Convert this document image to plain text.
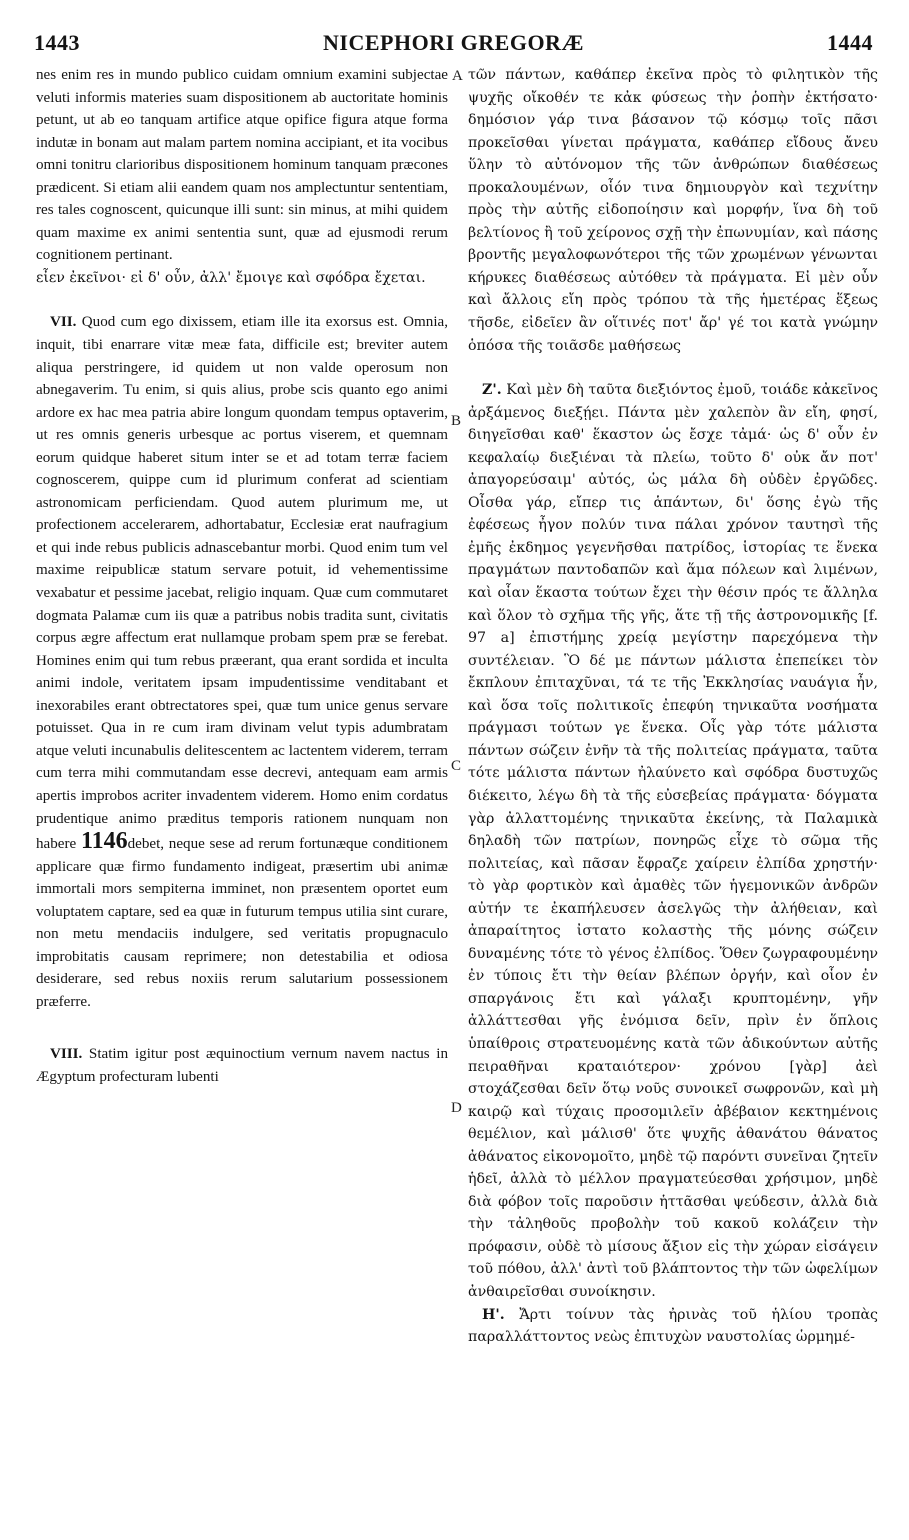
1443	NICEPHORI GREGORÆ	1444
A
B
C
D

nes enim res in mundo publico cuidam omnium examini subjectae veluti informis materies suam dispositionem ab auctoritate hominis petunt, ut ab eo tanquam artifice atque opifice figura atque forma indutæ in bonam aut malam partem nomina accipiant, et ita vocibus omni tonitru clarioribus dispositionem hominum tanquam præcones prædicent. Si etiam alii eandem quam nos amplectuntur sententiam, res tales cognoscent, quicunque illi sunt: sin minus, at mihi quidem quam maxime ex animi sententia sunt, quæ ad ejusmodi rerum cognitionem pertinant.

εἶεν ἐκεῖνοι· εἰ δ' οὖν, ἀλλ' ἔμοιγε καὶ σφόδρα ἔχεται.

VII. Quod cum ego dixissem, etiam ille ita exorsus est. Omnia, inquit, tibi enarrare vitæ meæ fata, difficile est; breviter autem aliqua perstringere, id quidem ut non valde operosum non abnegaverim. Tu enim, si quis alius, probe scis quanto ego animi ardore ex hac mea patria abire longum quondam tempus optaverim, ut res omnis generis urbesque ac portus viserem, et quemnam eorum quidque haberet situm inter se et ad totam terræ faciem cognoscerem, quippe cum id plurimum conferat ad scientiam astronomicam perficiendam. Quod autem plurimum me, ut profectionem accelerarem, adhortabatur, Ecclesiæ erat naufragium et qui inde rebus publicis adnascebantur morbi. Quod enim tum vel maxime reipublicæ statum servare potuit, id vehementissime vexabatur et pessime jacebat, religio inquam. Quæ cum commutaret dogmata Palamæ cum iis quæ a patribus nobis tradita sunt, civitatis corpus ægre affectum erat nullamque probam spem præ se ferebat. Homines enim qui tum rebus præerant, qua erant sordida et inculta animi indole, veritatem ipsam impudentissime venditabant et inexorabiles erant obtrectatores spei, quæ tum unice genus servare potuisset. Qua in re cum iram divinam velut typis adumbratam atque veluti incunabulis delitescentem ac lactentem viderem, terram cum terra mihi commutandam esse decrevi, antequam eam armis apertis improbos acriter invadentem viderem. Homo enim cordatus prudentique animo præditus temporis rationem nunquam non habere 1146debet, neque sese ad rerum fortunæque conditionem applicare quæ firmo fundamento indigeat, præsertim ubi animæ immortali mors sempiterna imminet, non præsentem oportet eum voluptatem captare, sed ea quæ in futurum tempus utilia sint curare, non metu mendaciis indulgere, sed veritatis propugnaculo improbitatis causam reprimere; non detestabilia et odiosa desiderare, sed rebus noxiis rerum salutarium possessionem præferre.

VIII. Statim igitur post æquinoctium vernum navem nactus in Ægyptum profecturam lubenti

τῶν πάντων, καθάπερ ἐκεῖνα πρὸς τὸ φιλητικὸν τῆς ψυχῆς οἴκοθέν τε κἀκ φύσεως τὴν ῥοπὴν ἐκτήσατο· δημόσιον γάρ τινα βάσανον τῷ κόσμῳ τοῖς πᾶσι προκεῖσθαι γίνεται πράγματα, καθάπερ εἴδους ἄνευ ὕλην τὸ αὐτόνομον τῆς τῶν ἀνθρώπων διαθέσεως προκαλουμένων, οἷόν τινα δημιουργὸν καὶ τεχνίτην πρὸς τὴν αὐτῆς εἰδοποίησιν καὶ μορφήν, ἵνα δὴ τοῦ βελτίονος ἢ τοῦ χείρονος σχῇ τὴν ἐπωνυμίαν, καὶ πάσης βροντῆς μεγαλοφωνότεροι τῆς τῶν χρωμένων γένωνται κήρυκες διαθέσεως αὐτόθεν τὰ πράγματα. Εἰ μὲν οὖν καὶ ἄλλοις εἴη πρὸς τρόπου τὰ τῆς ἡμετέρας ἕξεως τῆσδε, εἰδεῖεν ἂν οἵτινές ποτ' ἄρ' γέ τοι κατὰ γνώμην ὁπόσα τῆς τοιᾶσδε μαθήσεως

Ζ'. Καὶ μὲν δὴ ταῦτα διεξιόντος ἐμοῦ, τοιάδε κἀκεῖνος ἀρξάμενος διεξῄει. Πάντα μὲν χαλεπὸν ἂν εἴη, φησί, διηγεῖσθαι καθ' ἕκαστον ὡς ἔσχε τἀμά· ὡς δ' οὖν ἐν κεφαλαίῳ διεξιέναι τὰ πλείω, τοῦτο δ' οὐκ ἄν ποτ' ἀπαγορεύσαιμ' αὐτός, ὡς μάλα δὴ οὐδὲν ἐργῶδες. Οἶσθα γάρ, εἴπερ τις ἁπάντων, δι' ὅσης ἐγὼ τῆς ἐφέσεως ἦγον πολύν τινα πάλαι χρόνον ταυτησὶ τῆς ἐμῆς ἐκδημος γεγενῆσθαι πατρίδος, ἱστορίας τε ἕνεκα πραγμάτων παντοδαπῶν καὶ ἅμα πόλεων καὶ λιμένων, καὶ οἷαν ἕκαστα τούτων ἔχει τὴν θέσιν πρός τε ἄλληλα καὶ ὅλον τὸ σχῆμα τῆς γῆς, ἅτε τῇ τῆς ἀστρονομικῆς [f. 97 a] ἐπιστήμης χρείᾳ μεγίστην παρεχόμενα τὴν συντέλειαν. Ὃ δέ με πάντων μάλιστα ἐπεπείκει τὸν ἔκπλουν ἐπιταχῦναι, τά τε τῆς Ἐκκλησίας ναυάγια ἦν, καὶ ὅσα τοῖς πολιτικοῖς ἐπεφύη τηνικαῦτα νοσήματα πράγμασι τούτων γε ἕνεκα. Οἷς γὰρ τότε μάλιστα πάντων σώζειν ἐνῆν τὰ τῆς πολιτείας πράγματα, ταῦτα τότε μάλιστα πάντων ἠλαύνετο καὶ σφόδρα δυστυχῶς διέκειτο, λέγω δὴ τὰ τῆς εὐσεβείας πράγματα· δόγματα γὰρ ἀλλαττομένης τηνικαῦτα ἐκείνης, τὰ Παλαμικὰ δηλαδὴ τῶν πατρίων, πονηρῶς εἶχε τὸ σῶμα τῆς πολιτείας, καὶ πᾶσαν ἔφραζε χαίρειν ἐλπίδα χρηστήν· τὸ γὰρ φορτικὸν καὶ ἀμαθὲς τῶν ἡγεμονικῶν ἀνδρῶν αὐτήν τε ἐκαπήλευσεν ἀσελγῶς τὴν ἀλήθειαν, καὶ ἀπαραίτητος ἰστατο κολαστὴς τῆς μόνης σώζειν δυναμένης τότε τὸ γένος ἐλπίδος. Ὅθεν ζωγραφουμένην ἐν τύποις ἔτι τὴν θείαν βλέπων ὀργήν, καὶ οἷον ἐν σπαργάνοις ἔτι καὶ γάλαξι κρυπτομένην, γῆν ἀλλάττεσθαι γῆς ἐνόμισα δεῖν, πρὶν ἐν ὅπλοις ὑπαίθροις στρατευομένης κατὰ τῶν ἀδικούντων αὐτῆς πειραθῆναι κραταιότερον· χρόνου [γὰρ] ἀεὶ στοχάζεσθαι δεῖν ὅτῳ νοῦς συνοικεῖ σωφρονῶν, καὶ μὴ καιρῷ καὶ τύχαις προσομιλεῖν ἀβέβαιον κεκτημένοις θεμέλιον, καὶ μάλισθ' ὅτε ψυχῆς ἀθανάτου θάνατος ἀθάνατος εἰκονομοῖτο, μηδὲ τῷ παρόντι συνεῖναι ζητεῖν ἡδεῖ, ἀλλὰ τὸ μέλλον πραγματεύεσθαι χρήσιμον, μηδὲ διὰ φόβον τοῖς παροῦσιν ἡττᾶσθαι ψεύδεσιν, ἀλλὰ διὰ τὴν τἀληθοῦς προβολὴν τοῦ κακοῦ κολάζειν τὴν πρόφασιν, οὐδὲ τὸ μίσους ἄξιον εἰς τὴν χώραν εἰσάγειν τοῦ πόθου, ἀλλ' ἀντὶ τοῦ βλάπτοντος τὴν τῶν ὠφελίμων ἀνθαιρεῖσθαι συνοίκησιν.

Η'. Ἄρτι τοίνυν τὰς ἠρινὰς τοῦ ἡλίου τροπὰς παραλλάττοντος νεὼς ἐπιτυχὼν ναυστολίας ὡρμημέ-
